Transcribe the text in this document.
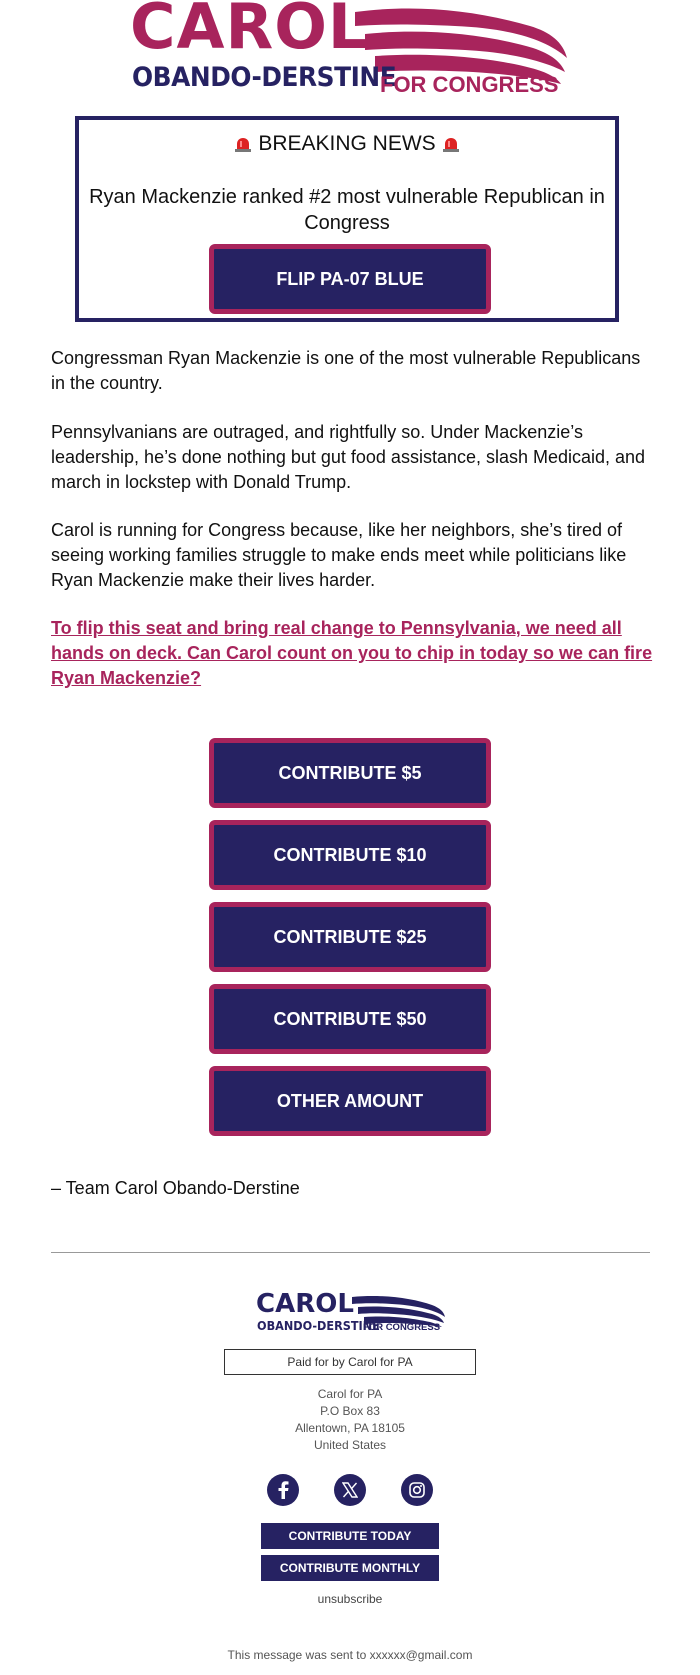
CAROL
OBANDO-DERSTINE
FOR CONGRESS
BREAKING NEWS
Ryan Mackenzie ranked #2 most vulnerable Republican in Congress
FLIP PA-07 BLUE
Congressman Ryan Mackenzie is one of the most vulnerable Republicans in the country.
Pennsylvanians are outraged, and rightfully so. Under Mackenzie’s leadership, he’s done nothing but gut food assistance, slash Medicaid, and march in lockstep with Donald Trump.
Carol is running for Congress because, like her neighbors, she’s tired of seeing working families struggle to make ends meet while politicians like Ryan Mackenzie make their lives harder.
To flip this seat and bring real change to Pennsylvania, we need all hands on deck. Can Carol count on you to chip in today so we can fire Ryan Mackenzie?
CONTRIBUTE $5
CONTRIBUTE $10
CONTRIBUTE $25
CONTRIBUTE $50
OTHER AMOUNT
– Team Carol Obando-Derstine
CAROL
OBANDO-DERSTINE
FOR CONGRESS
Paid for by Carol for PA
Carol for PA
P.O Box 83
Allentown, PA 18105
United States
CONTRIBUTE TODAY
CONTRIBUTE MONTHLY
unsubscribe
This message was sent to xxxxxx@gmail.com
